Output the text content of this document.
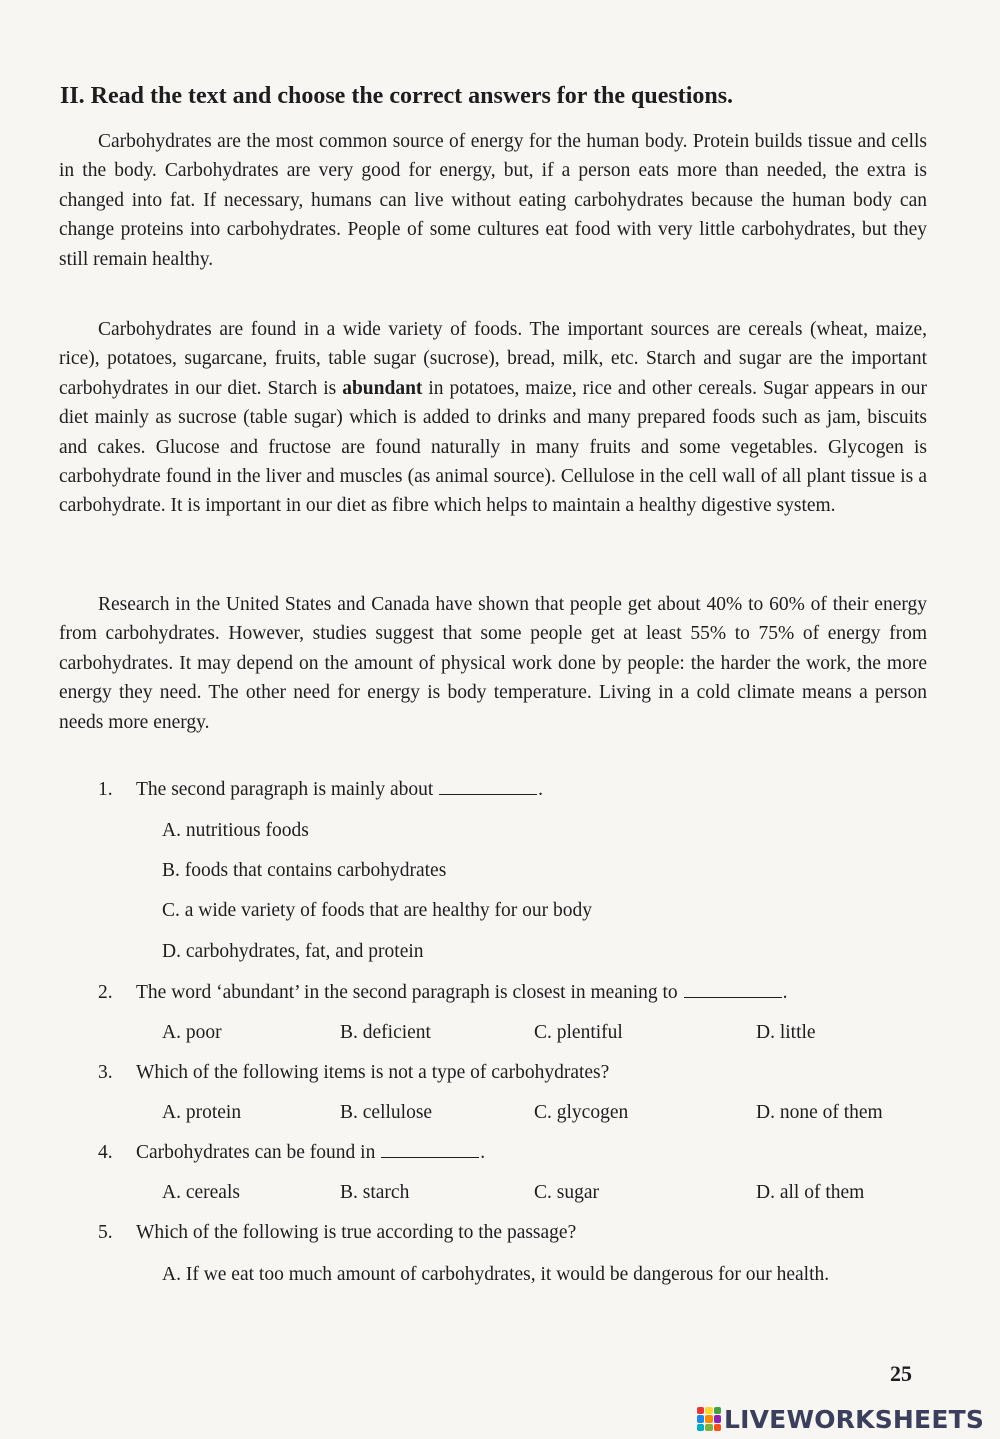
II. Read the text and choose the correct answers for the questions.

Carbohydrates are the most common source of energy for the human body. Protein builds tissue and cells in the body. Carbohydrates are very good for energy, but, if a person eats more than needed, the extra is changed into fat. If necessary, humans can live without eating carbohydrates because the human body can change proteins into carbohydrates. People of some cultures eat food with very little carbohydrates, but they still remain healthy.

Carbohydrates are found in a wide variety of foods. The important sources are cereals (wheat, maize, rice), potatoes, sugarcane, fruits, table sugar (sucrose), bread, milk, etc. Starch and sugar are the important carbohydrates in our diet. Starch is abundant in potatoes, maize, rice and other cereals. Sugar appears in our diet mainly as sucrose (table sugar) which is added to drinks and many prepared foods such as jam, biscuits and cakes. Glucose and fructose are found naturally in many fruits and some vegetables. Glycogen is carbohydrate found in the liver and muscles (as animal source). Cellulose in the cell wall of all plant tissue is a carbohydrate. It is important in our diet as fibre which helps to maintain a healthy digestive system.

Research in the United States and Canada have shown that people get about 40% to 60% of their energy from carbohydrates. However, studies suggest that some people get at least 55% to 75% of energy from carbohydrates. It may depend on the amount of physical work done by people: the harder the work, the more energy they need. The other need for energy is body temperature. Living in a cold climate means a person needs more energy.

1. The second paragraph is mainly about	.

A. nutritious foods

B. foods that contains carbohydrates

C. a wide variety of foods that are healthy for our body

D. carbohydrates, fat, and protein

2. The word ‘abundant’ in the second paragraph is closest in meaning to	.

A. poor	B. deficient	C. plentiful	D. little

3. Which of the following items is not a type of carbohydrates?

A. protein	B. cellulose	C. glycogen	D. none of them

4. Carbohydrates can be found in	.

A. cereals	B. starch	C. sugar	D. all of them

5. Which of the following is true according to the passage?

A. If we eat too much amount of carbohydrates, it would be dangerous for our health.

25
LIVEWORKSHEETS
